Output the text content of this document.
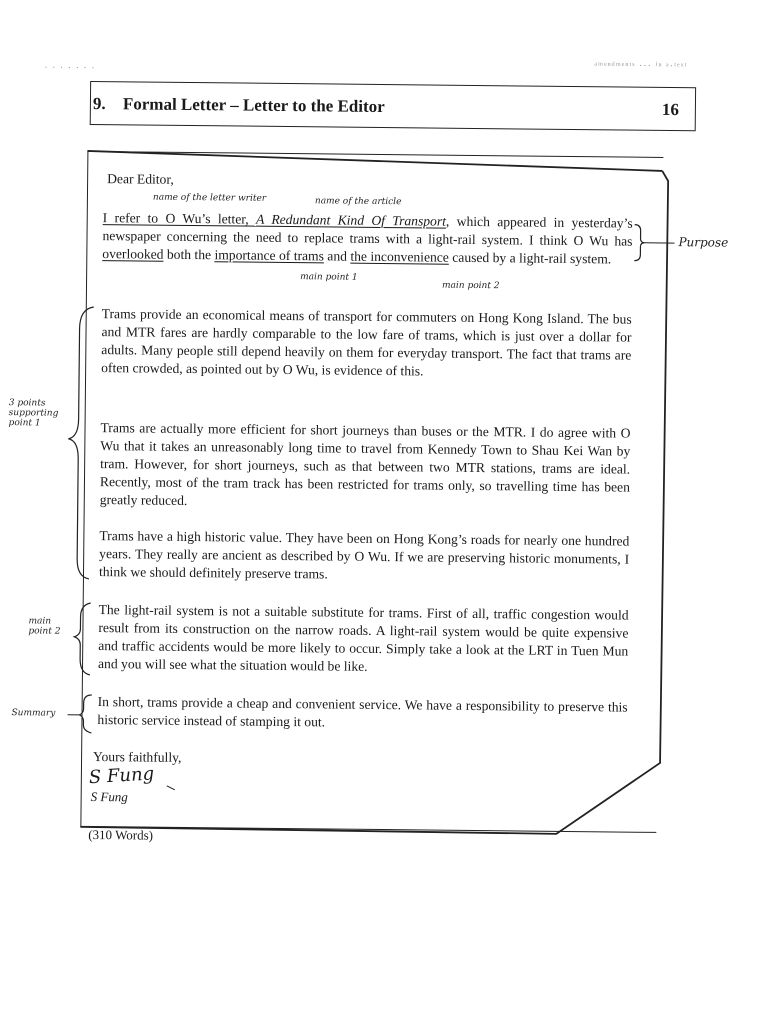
ᵃᵐᵉⁿᵈᵐᵉⁿᵗˢ ··· ⁱⁿ ᵃ·ᵗᵉˣᵗ
· · · · · · ·
9. Formal Letter – Letter to the Editor	16
name of the letter writer	name of the article
Purpose
main point 1
main point 2
3 points
supporting
point 1
main
point 2
Summary
Dear Editor,
I refer to O Wu’s letter, A Redundant Kind Of Transport, which appeared in yesterday’s newspaper concerning the need to replace trams with a light-rail system. I think O Wu has overlooked both the importance of trams and the inconvenience caused by a light-rail system.
Trams provide an economical means of transport for commuters on Hong Kong Island. The bus and MTR fares are hardly comparable to the low fare of trams, which is just over a dollar for adults. Many people still depend heavily on them for everyday transport. The fact that trams are often crowded, as pointed out by O Wu, is evidence of this.
Trams are actually more efficient for short journeys than buses or the MTR. I do agree with O Wu that it takes an unreasonably long time to travel from Kennedy Town to Shau Kei Wan by tram. However, for short journeys, such as that between two MTR stations, trams are ideal. Recently, most of the tram track has been restricted for trams only, so travelling time has been greatly reduced.
Trams have a high historic value. They have been on Hong Kong’s roads for nearly one hundred years. They really are ancient as described by O Wu. If we are preserving historic monuments, I think we should definitely preserve trams.
The light-rail system is not a suitable substitute for trams. First of all, traffic congestion would result from its construction on the narrow roads. A light-rail system would be quite expensive and traffic accidents would be more likely to occur. Simply take a look at the LRT in Tuen Mun and you will see what the situation would be like.
In short, trams provide a cheap and convenient service. We have a responsibility to preserve this historic service instead of stamping it out.
Yours faithfully,
S Fung
S Fung
(310 Words)
